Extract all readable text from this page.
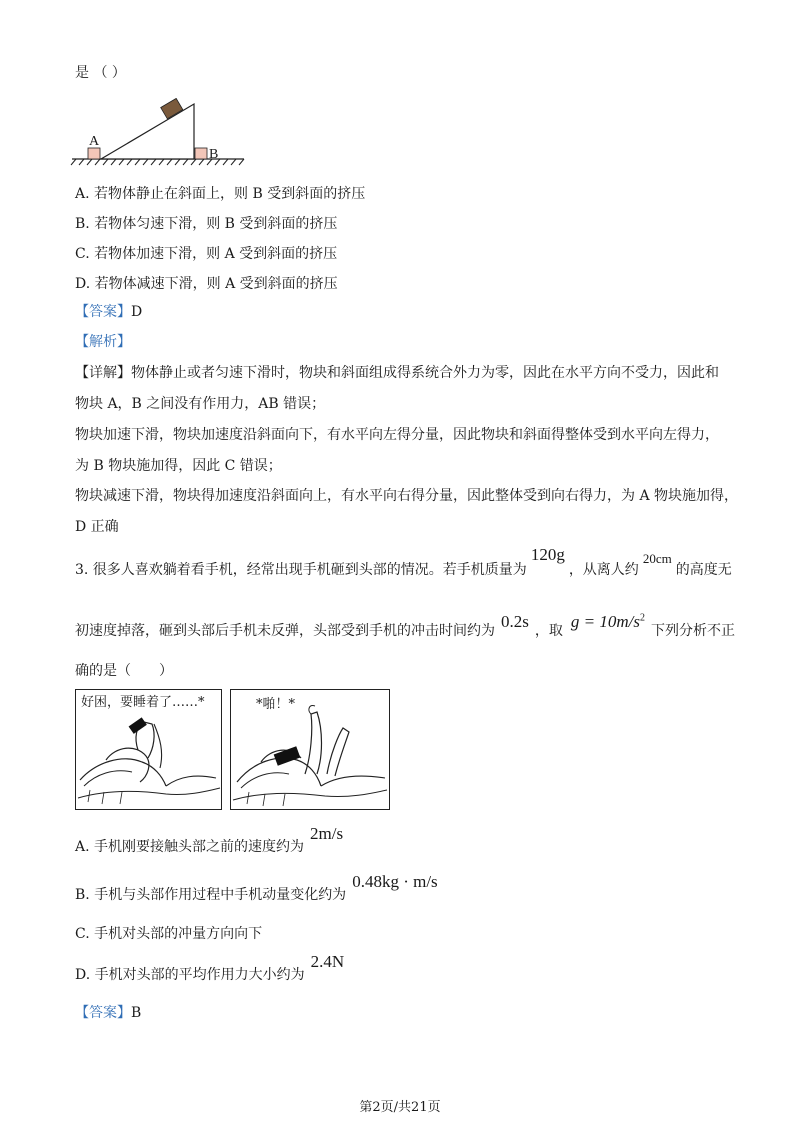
是 （ ）
A
B
A. 若物体静止在斜面上，则 B 受到斜面的挤压
B. 若物体匀速下滑，则 B 受到斜面的挤压
C. 若物体加速下滑，则 A 受到斜面的挤压
D. 若物体减速下滑，则 A 受到斜面的挤压
【答案】D
【解析】
【详解】物体静止或者匀速下滑时，物块和斜面组成得系统合外力为零，因此在水平方向不受力，因此和
物块 A，B 之间没有作用力，AB 错误；
物块加速下滑，物块加速度沿斜面向下，有水平向左得分量，因此物块和斜面得整体受到水平向左得力，
为 B 物块施加得，因此 C 错误；
物块减速下滑，物块得加速度沿斜面向上，有水平向右得分量，因此整体受到向右得力，为 A 物块施加得，
D 正确
3. 很多人喜欢躺着看手机，经常出现手机砸到头部的情况。若手机质量为120g，从离人约20cm的高度无
初速度掉落，砸到头部后手机未反弹，头部受到手机的冲击时间约为 0.2s ，取 $g = 10m/s^2$下列分析不正
确的是（　　）
好困，要睡着了……*	*啪！*
A. 手机刚要接触头部之前的速度约为2m/s
B. 手机与头部作用过程中手机动量变化约为0.48kg · m/s
C. 手机对头部的冲量方向向下
D. 手机对头部的平均作用力大小约为2.4N
【答案】B
第2页/共21页
